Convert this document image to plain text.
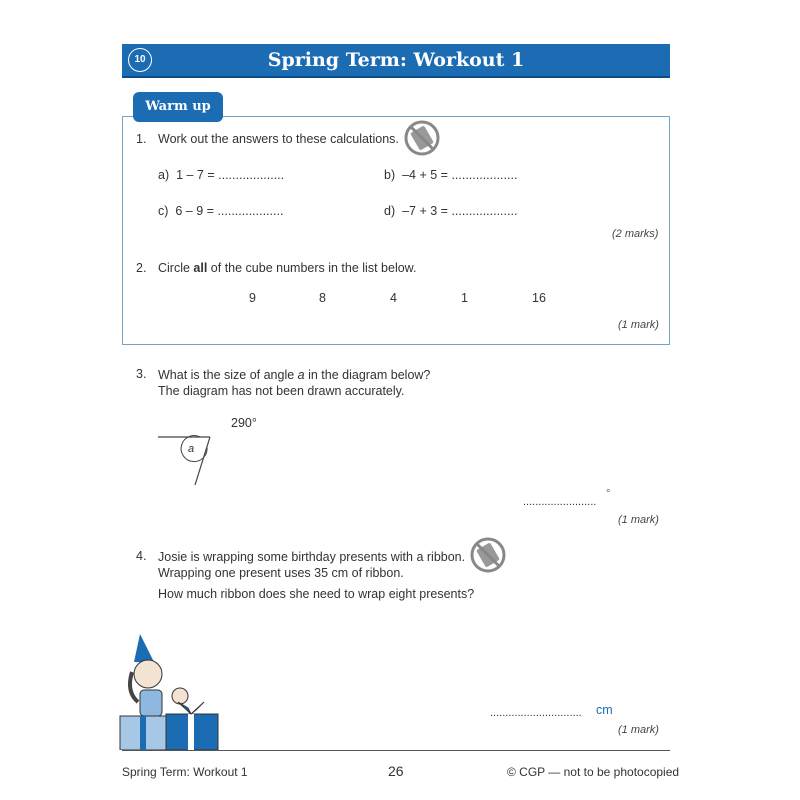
10	Spring Term: Workout 1
Warm up
1. Work out the answers to these calculations.
a) 1 – 7 = ...................	b) –4 + 5 = ...................
c) 6 – 9 = ...................	d) –7 + 3 = ...................
(2 marks)
2. Circle all of the cube numbers in the list below.
9	8	4	1	16
(1 mark)
3. What is the size of angle a in the diagram below?
The diagram has not been drawn accurately.
290°
a
........................
°
(1 mark)
4. Josie is wrapping some birthday presents with a ribbon.
Wrapping one present uses 35 cm of ribbon.
How much ribbon does she need to wrap eight presents?
.............................. cm
(1 mark)
Spring Term: Workout 1	26	© CGP — not to be photocopied
